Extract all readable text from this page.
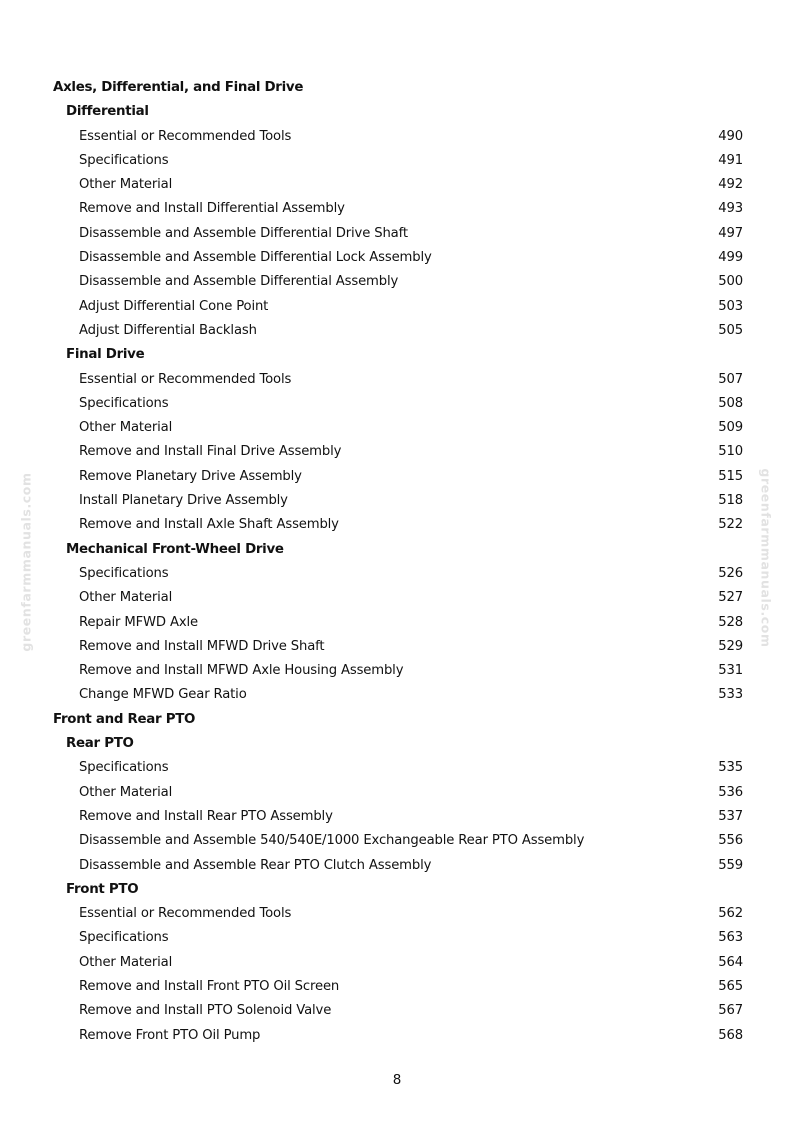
Axles, Differential, and Final Drive
Differential
Essential or Recommended Tools	490
Specifications	491
Other Material	492
Remove and Install Differential Assembly	493
Disassemble and Assemble Differential Drive Shaft	497
Disassemble and Assemble Differential Lock Assembly	499
Disassemble and Assemble Differential Assembly	500
Adjust Differential Cone Point	503
Adjust Differential Backlash	505
Final Drive
Essential or Recommended Tools	507
Specifications	508
Other Material	509
Remove and Install Final Drive Assembly	510
Remove Planetary Drive Assembly	515
Install Planetary Drive Assembly	518
Remove and Install Axle Shaft Assembly	522
Mechanical Front-Wheel Drive
Specifications	526
Other Material	527
Repair MFWD Axle	528
Remove and Install MFWD Drive Shaft	529
Remove and Install MFWD Axle Housing Assembly	531
Change MFWD Gear Ratio	533
Front and Rear PTO
Rear PTO
Specifications	535
Other Material	536
Remove and Install Rear PTO Assembly	537
Disassemble and Assemble 540/540E/1000 Exchangeable Rear PTO Assembly	556
Disassemble and Assemble Rear PTO Clutch Assembly	559
Front PTO
Essential or Recommended Tools	562
Specifications	563
Other Material	564
Remove and Install Front PTO Oil Screen	565
Remove and Install PTO Solenoid Valve	567
Remove Front PTO Oil Pump	568
8
greenfarmmanuals.com	greenfarmmanuals.com
